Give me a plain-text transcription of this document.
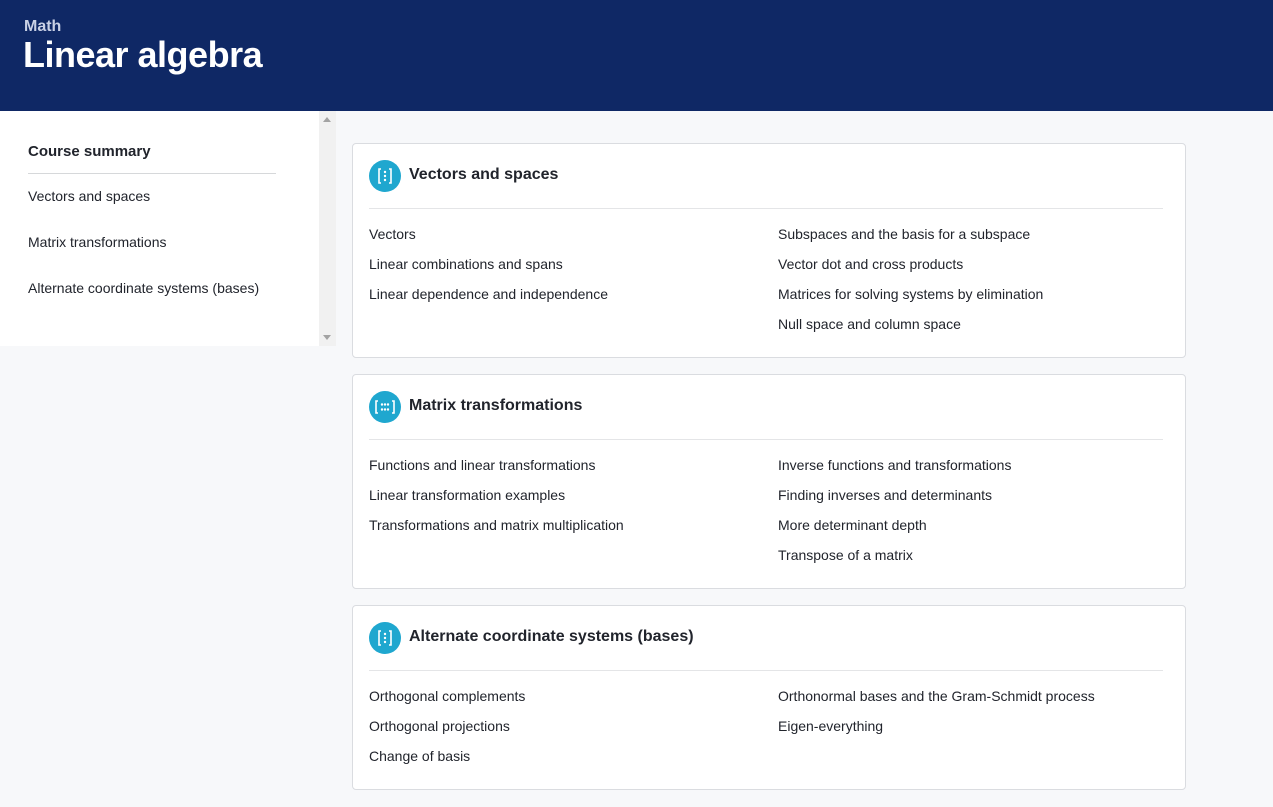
Math
Linear algebra
Course summary
Vectors and spaces
Matrix transformations
Alternate coordinate systems (bases)
Vectors and spaces
Vectors
Linear combinations and spans
Linear dependence and independence
Subspaces and the basis for a subspace
Vector dot and cross products
Matrices for solving systems by elimination
Null space and column space
Matrix transformations
Functions and linear transformations
Linear transformation examples
Transformations and matrix multiplication
Inverse functions and transformations
Finding inverses and determinants
More determinant depth
Transpose of a matrix
Alternate coordinate systems (bases)
Orthogonal complements
Orthogonal projections
Change of basis
Orthonormal bases and the Gram-Schmidt process
Eigen-everything
